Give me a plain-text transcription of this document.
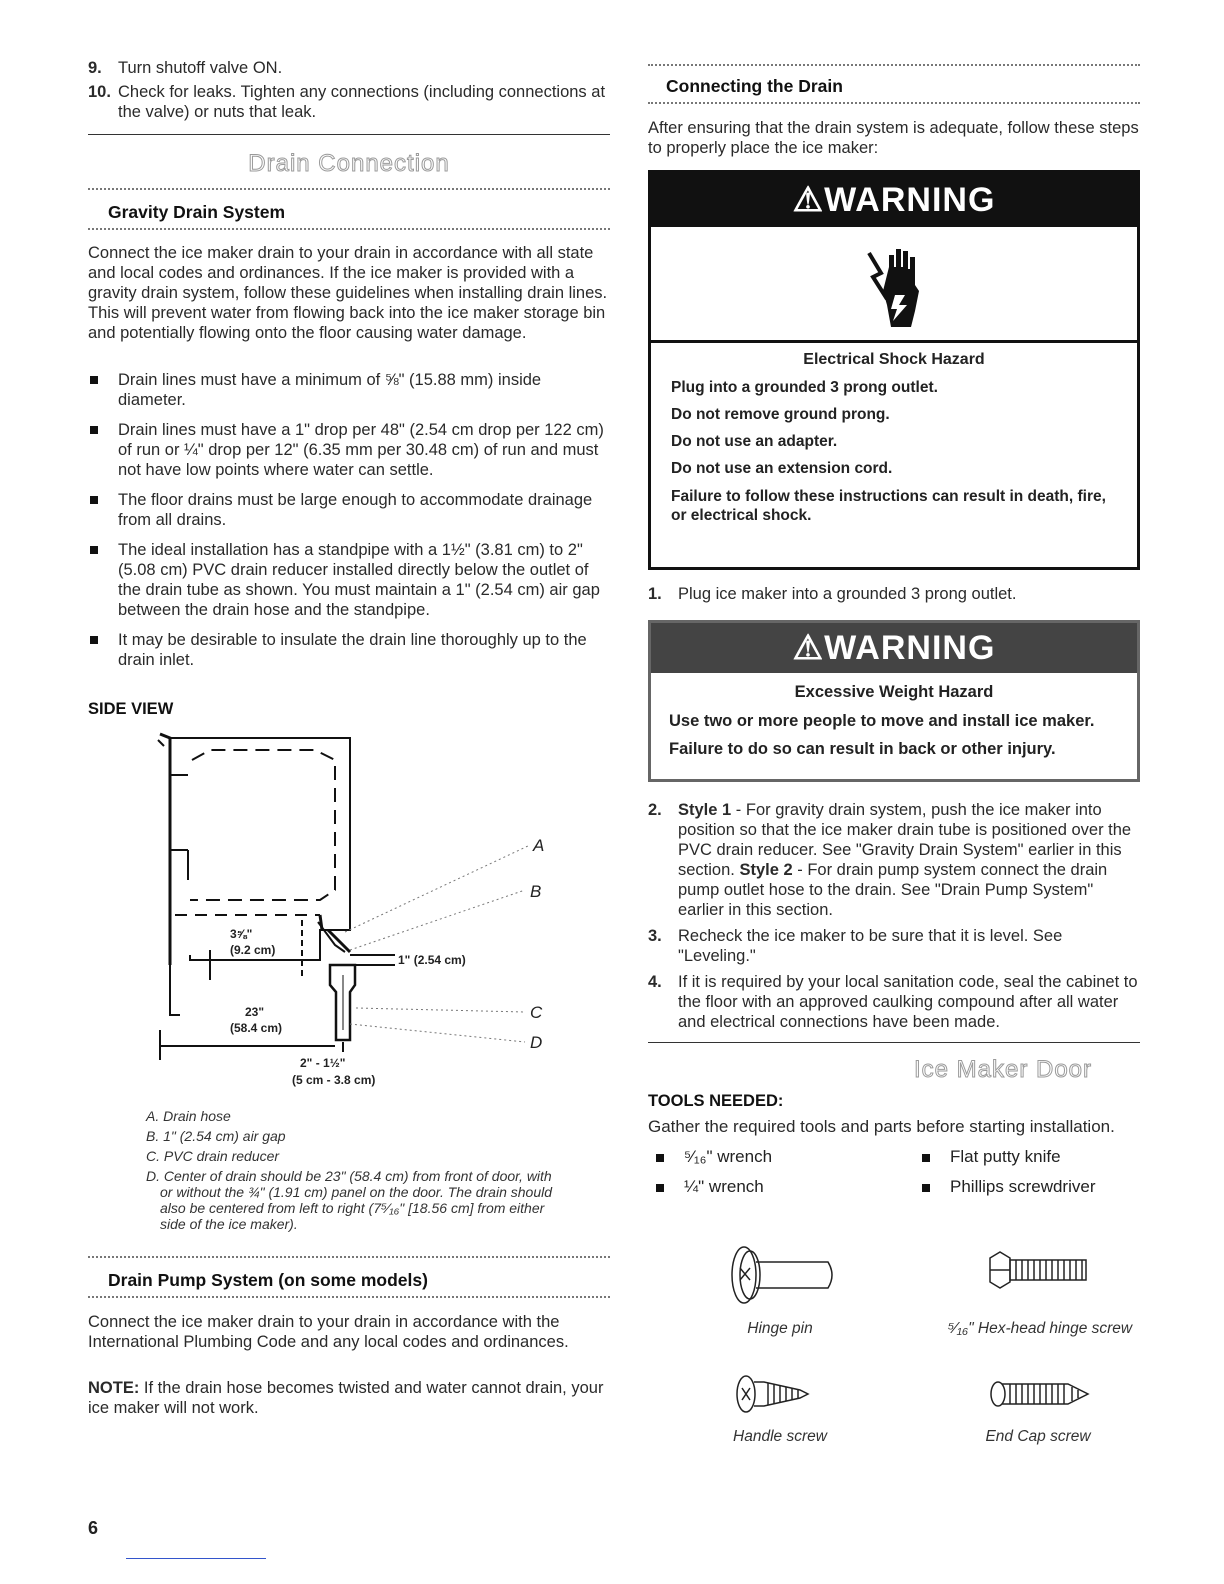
9. Turn shutoff valve ON.
10. Check for leaks. Tighten any connections (including connections at the valve) or nuts that leak.
Drain Connection
Gravity Drain System
Connect the ice maker drain to your drain in accordance with all state and local codes and ordinances. If the ice maker is provided with a gravity drain system, follow these guidelines when installing drain lines. This will prevent water from flowing back into the ice maker storage bin and potentially flowing onto the floor causing water damage.
Drain lines must have a minimum of ⅝" (15.88 mm) inside diameter.
Drain lines must have a 1" drop per 48" (2.54 cm drop per 122 cm) of run or ¼" drop per 12" (6.35 mm per 30.48 cm) of run and must not have low points where water can settle.
The floor drains must be large enough to accommodate drainage from all drains.
The ideal installation has a standpipe with a 1½" (3.81 cm) to 2" (5.08 cm) PVC drain reducer installed directly below the outlet of the drain tube as shown. You must maintain a 1" (2.54 cm) air gap between the drain hose and the standpipe.
It may be desirable to insulate the drain line thoroughly up to the drain inlet.
SIDE VIEW
A
B
C
D
3⅝"
(9.2 cm)
1" (2.54 cm)
23"
(58.4 cm)
2" - 1½"
(5 cm - 3.8 cm)
A. Drain hose
B. 1" (2.54 cm) air gap
C. PVC drain reducer
D. Center of drain should be 23" (58.4 cm) from front of door, with or without the ¾" (1.91 cm) panel on the door. The drain should also be centered from left to right (7⁵⁄₁₆" [18.56 cm] from either side of the ice maker).
Drain Pump System (on some models)
Connect the ice maker drain to your drain in accordance with the International Plumbing Code and any local codes and ordinances.
NOTE: If the drain hose becomes twisted and water cannot drain, your ice maker will not work.
6
Connecting the Drain
After ensuring that the drain system is adequate, follow these steps to properly place the ice maker:
⚠WARNING
Electrical Shock Hazard
Plug into a grounded 3 prong outlet.
Do not remove ground prong.
Do not use an adapter.
Do not use an extension cord.
Failure to follow these instructions can result in death, fire, or electrical shock.
1. Plug ice maker into a grounded 3 prong outlet.
⚠WARNING
Excessive Weight Hazard
Use two or more people to move and install ice maker.
Failure to do so can result in back or other injury.
2. Style 1 - For gravity drain system, push the ice maker into position so that the ice maker drain tube is positioned over the PVC drain reducer. See "Gravity Drain System" earlier in this section. Style 2 - For drain pump system connect the drain pump outlet hose to the drain. See "Drain Pump System" earlier in this section.
3. Recheck the ice maker to be sure that it is level. See "Leveling."
4. If it is required by your local sanitation code, seal the cabinet to the floor with an approved caulking compound after all water and electrical connections have been made.
Ice Maker Door
TOOLS NEEDED:
Gather the required tools and parts before starting installation.
⁵⁄₁₆" wrench	Flat putty knife
¼" wrench	Phillips screwdriver
Hinge pin	⁵⁄₁₆" Hex-head hinge screw
Handle screw	End Cap screw
